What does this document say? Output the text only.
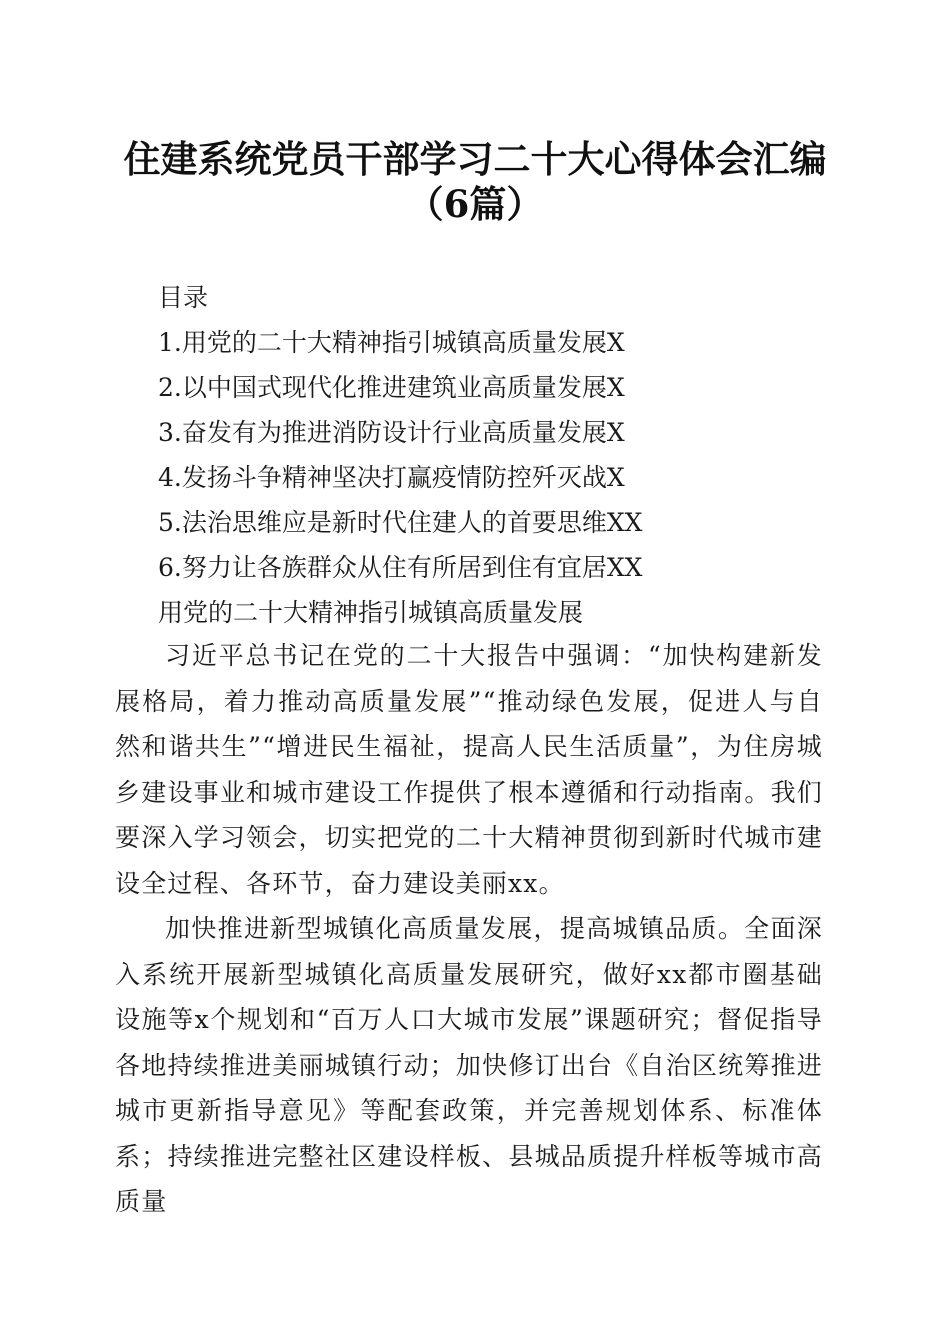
住建系统党员干部学习二十大心得体会汇编
（6篇）
目录
1.用党的二十大精神指引城镇高质量发展X
2.以中国式现代化推进建筑业高质量发展X
3.奋发有为推进消防设计行业高质量发展X
4.发扬斗争精神坚决打赢疫情防控歼灭战X
5.法治思维应是新时代住建人的首要思维XX
6.努力让各族群众从住有所居到住有宜居XX
用党的二十大精神指引城镇高质量发展
习近平总书记在党的二十大报告中强调：“加快构建新发展格局，着力推动高质量发展”“推动绿色发展，促进人与自然和谐共生”“增进民生福祉，提高人民生活质量”，为住房城乡建设事业和城市建设工作提供了根本遵循和行动指南。我们要深入学习领会，切实把党的二十大精神贯彻到新时代城市建设全过程、各环节，奋力建设美丽xx。
加快推进新型城镇化高质量发展，提高城镇品质。全面深入系统开展新型城镇化高质量发展研究，做好xx都市圈基础设施等x个规划和“百万人口大城市发展”课题研究；督促指导各地持续推进美丽城镇行动；加快修订出台《自治区统筹推进城市更新指导意见》等配套政策，并完善规划体系、标准体系；持续推进完整社区建设样板、县城品质提升样板等城市高质量
